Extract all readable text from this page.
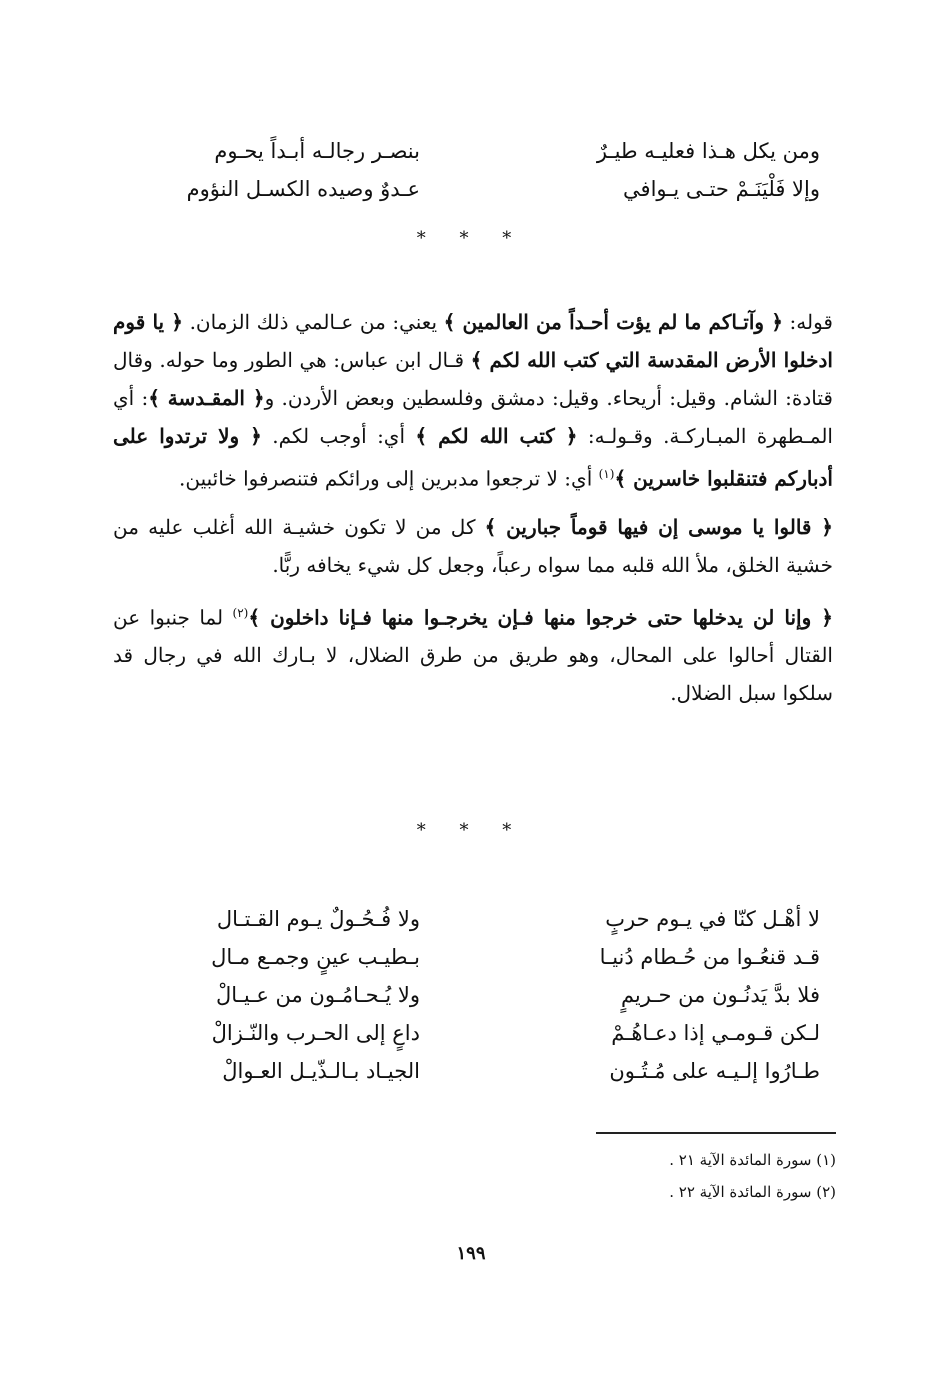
ومن يكل هـذا فعليـه طيـرٌ
بنصـر رجالـه أبـداً يحـوم
وإلا فَلْيَنَـمْ حتـى يـوافي
عـدوٌ وصيده الكسـل النؤوم
* * *

قوله: ﴿ وآتـاكم ما لم يؤت أحـداً من العالمين ﴾ يعني: من عـالمي ذلك الزمان. ﴿ يا قوم ادخلوا الأرض المقدسة التي كتب الله لكم ﴾ قـال ابن عباس: هي الطور وما حوله. وقال قتادة: الشام. وقيل: أريحاء. وقيل: دمشق وفلسطين وبعض الأردن. و﴿ المقـدسة ﴾: أي المـطهرة المبـاركـة. وقـولـه: ﴿ كتب الله لكم ﴾ أي: أوجب لكم. ﴿ ولا ترتدوا على أدباركم فتنقلبوا خاسرين ﴾$^{(١)}$ أي: لا ترجعوا مدبرين إلى ورائكم فتنصرفوا خائبين.

﴿ قالوا يا موسى إن فيها قوماً جبارين ﴾ كل من لا تكون خشيـة الله أغلب عليه من خشية الخلق، ملأ الله قلبه مما سواه رعباً، وجعل كل شيء يخافه ربًّا.

﴿ وإنا لن يدخلها حتى خرجوا منها فـإن يخرجـوا منها فـإنا داخلون ﴾$^{(٢)}$ لما جنبوا عن القتال أحالوا على المحال، وهو طريق من طرق الضلال، لا بـارك الله في رجال قد سلكوا سبل الضلال.

* * *
لا أهْـل كنّا في يـوم حربٍ
ولا فُـحُـولٌ يـوم القـتـال
قـد قنعُـوا من حُـطام دُنيـا
بـطيـب عينٍ وجمـع مـال
فلا بدَّ يَدنُـون من حـريمٍ
ولا يُـحـامُـون من عـيـالْ
لـكن قـومـي إذا دعـاهُـمْ
داعٍ إلى الحـرب والنّـزالْ
طـارُوا إلـيـه على مُـتُـون
الجيـاد بـالـذّيـل العـوالْ
(١) سورة المائدة الآية ٢١ .
(٢) سورة المائدة الآية ٢٢ .
١٩٩
